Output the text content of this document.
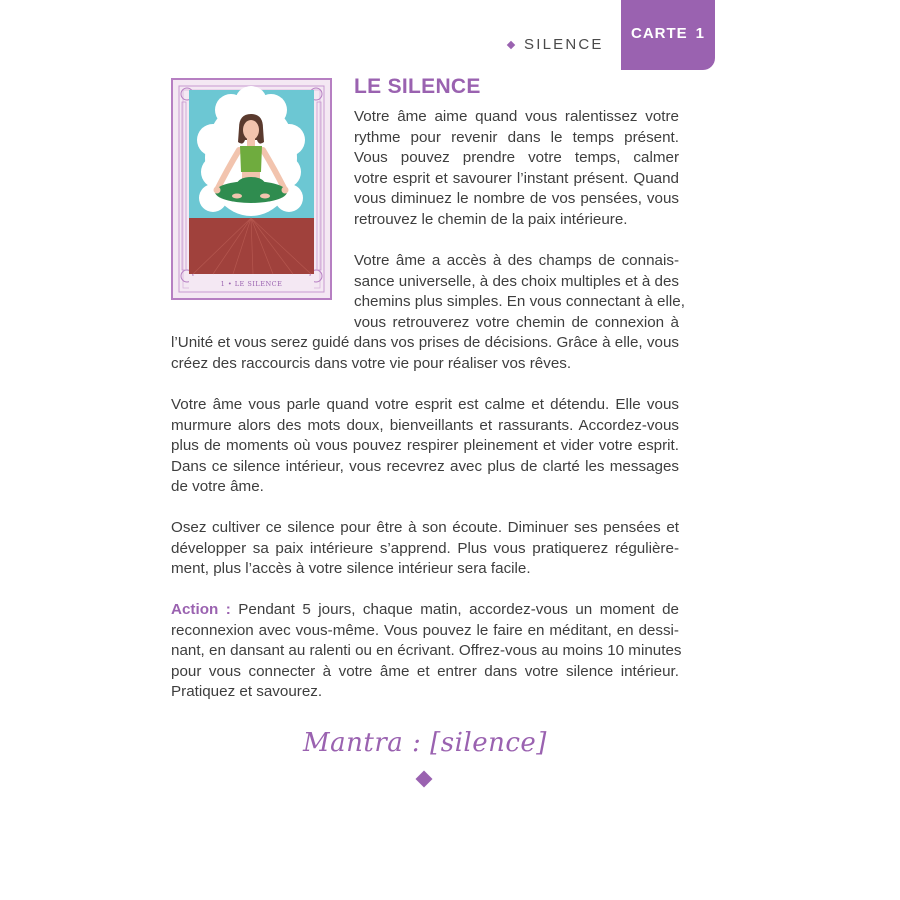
SILENCE
CARTE 1
1 • LE SILENCE
LE SILENCE

Votre âme aime quand vous ralentissez votre
rythme pour revenir dans le temps présent.
Vous pouvez prendre votre temps, calmer
votre esprit et savourer l’instant présent. Quand
vous diminuez le nombre de vos pensées, vous
retrouvez le chemin de la paix intérieure.

Votre âme a accès à des champs de connais-
sance universelle, à des choix multiples et à des
chemins plus simples. En vous connectant à elle,
vous retrouverez votre chemin de connexion à

l’Unité et vous serez guidé dans vos prises de décisions. Grâce à elle, vous
créez des raccourcis dans votre vie pour réaliser vos rêves.

Votre âme vous parle quand votre esprit est calme et détendu. Elle vous
murmure alors des mots doux, bienveillants et rassurants. Accordez-vous
plus de moments où vous pouvez respirer pleinement et vider votre esprit.
Dans ce silence intérieur, vous recevrez avec plus de clarté les messages
de votre âme.

Osez cultiver ce silence pour être à son écoute. Diminuer ses pensées et
développer sa paix intérieure s’apprend. Plus vous pratiquerez régulière-
ment, plus l’accès à votre silence intérieur sera facile.

Action : Pendant 5 jours, chaque matin, accordez-vous un moment de
reconnexion avec vous-même. Vous pouvez le faire en méditant, en dessi-
nant, en dansant au ralenti ou en écrivant. Offrez-vous au moins 10 minutes
pour vous connecter à votre âme et entrer dans votre silence intérieur.
Pratiquez et savourez.

Mantra : [silence]
